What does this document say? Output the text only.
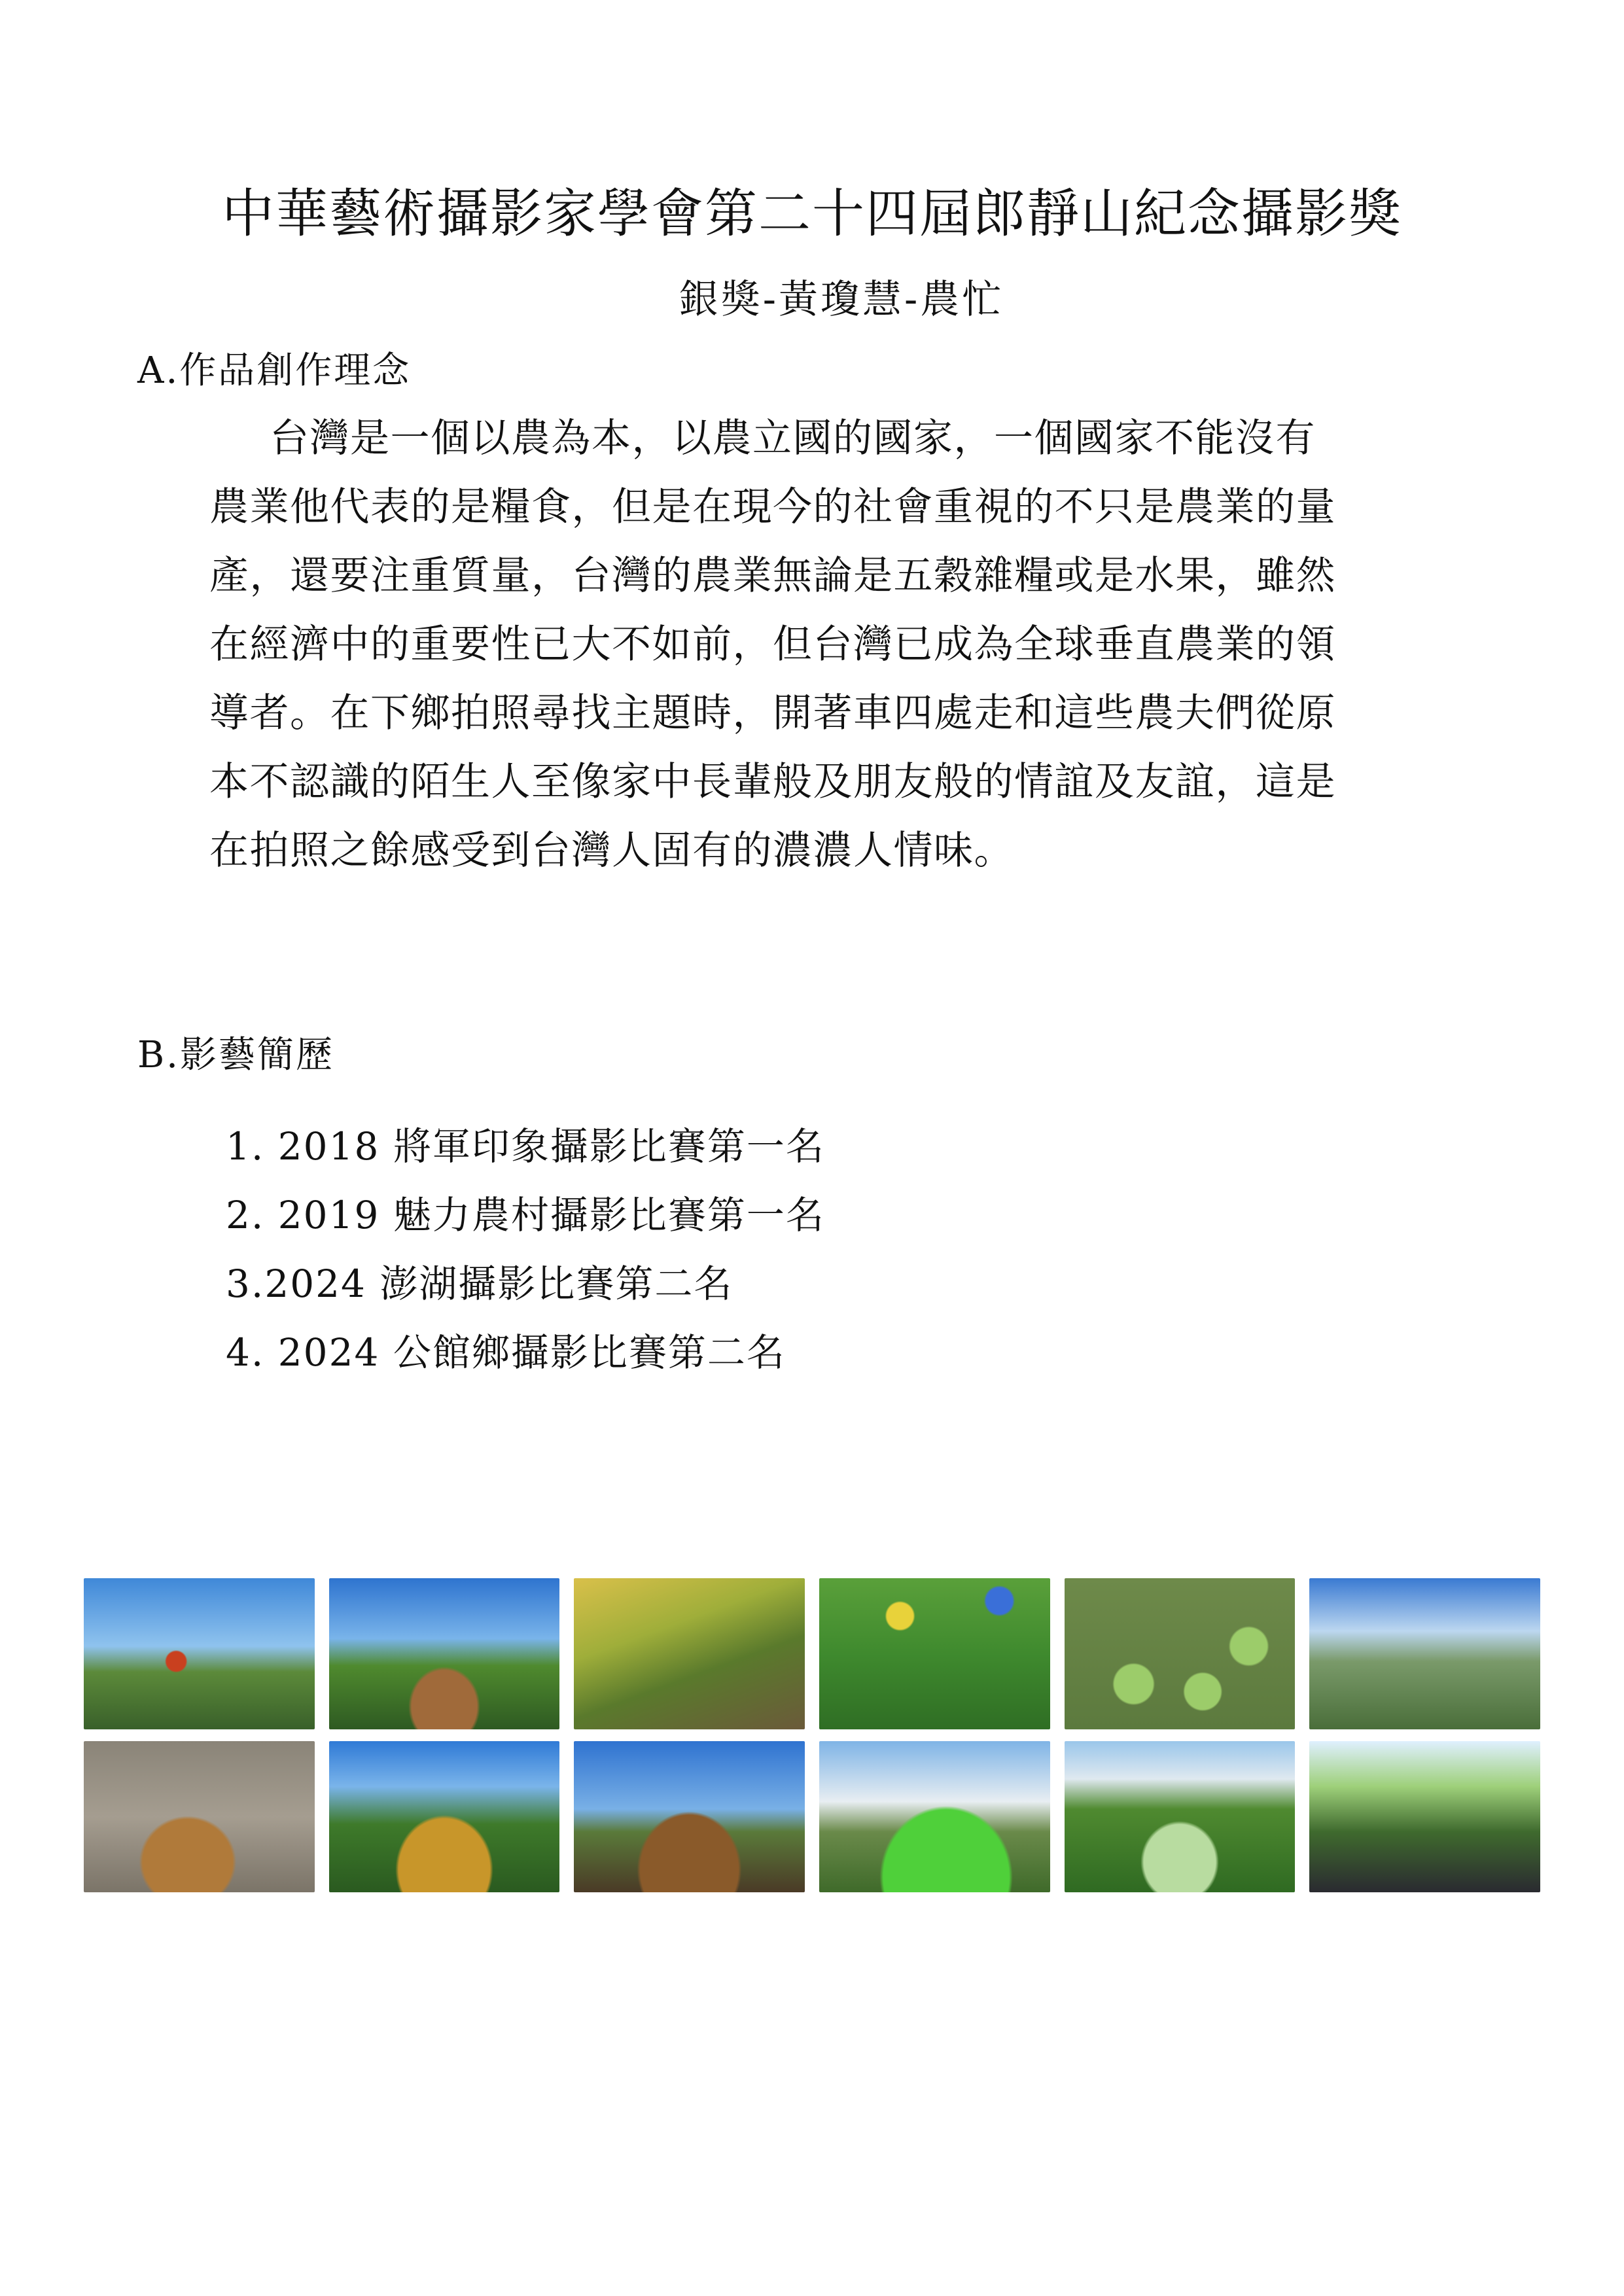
中華藝術攝影家學會第二十四屆郎靜山紀念攝影獎
銀獎-黃瓊慧-農忙
A.作品創作理念
台灣是一個以農為本，以農立國的國家，一個國家不能沒有
農業他代表的是糧食，但是在現今的社會重視的不只是農業的量
產，還要注重質量，台灣的農業無論是五穀雜糧或是水果，雖然
在經濟中的重要性已大不如前，但台灣已成為全球垂直農業的領
導者。在下鄉拍照尋找主題時，開著車四處走和這些農夫們從原
本不認識的陌生人至像家中長輩般及朋友般的情誼及友誼，這是
在拍照之餘感受到台灣人固有的濃濃人情味。
B.影藝簡歷
1. 2018 將軍印象攝影比賽第一名
2. 2019 魅力農村攝影比賽第一名
3.2024 澎湖攝影比賽第二名
4. 2024 公館鄉攝影比賽第二名
